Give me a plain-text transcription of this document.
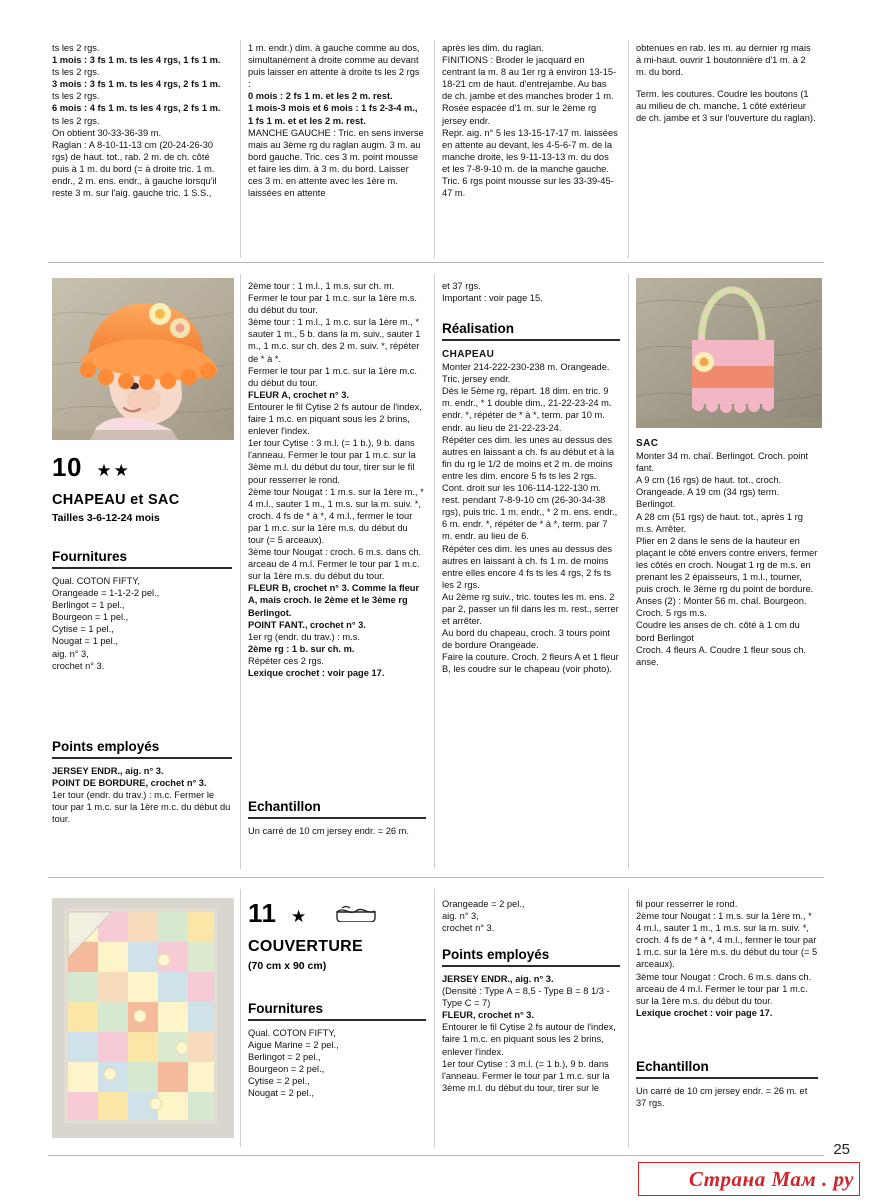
ts les 2 rgs.

1 mois : 3 fs 1 m. ts les 4 rgs, 1 fs 1 m.

ts les 2 rgs.

3 mois : 3 fs 1 m. ts les 4 rgs, 2 fs 1 m.

ts les 2 rgs.

6 mois : 4 fs 1 m. ts les 4 rgs, 2 fs 1 m.

ts les 2 rgs.

On obtient 30-33-36-39 m.

Raglan : A 8-10-11-13 cm (20-24-26-30 rgs) de haut. tot., rab. 2 m. de ch. côté puis à 1 m. du bord (= à droite tric. 1 m. endr., 2 m. ens. endr., à gauche lorsqu'il reste 3 m. sur l'aig. gauche tric. 1 S.S.,

1 m. endr.) dim. à gauche comme au dos, simultanément à droite comme au devant puis laisser en attente à droite ts les 2 rgs :

0 mois : 2 fs 1 m. et les 2 m. rest.

1 mois-3 mois et 6 mois : 1 fs 2-3-4 m., 1 fs 1 m. et et les 2 m. rest.

MANCHE GAUCHE : Tric. en sens inverse mais au 3ème rg du raglan augm. 3 m. au bord gauche. Tric. ces 3 m. point mousse et faire les dim. à 3 m. du bord. Laisser ces 3 m. en attente avec les 1ère m. laissées en attente

après les dim. du raglan.

FINITIONS : Broder le jacquard en centrant la m. 8 au 1er rg à environ 13-15-18-21 cm de haut. d'entrejambe. Au bas de ch. jambe et des manches broder 1 m. Rosée espacée d'1 m. sur le 2ème rg jersey endr.

Repr. aig. n° 5 les 13-15-17-17 m. laissées en attente au devant, les 4-5-6-7 m. de la manche droite, les 9-11-13-13 m. du dos et les 7-8-9-10 m. de la manche gauche. Tric. 6 rgs point mousse sur les 33-39-45-47 m.

obtenues en rab. les m. au dernier rg mais à mi-haut. ouvrir 1 boutonnière d'1 m. à 2 m. du bord.

Term. les coutures. Coudre les boutons (1 au milieu de ch. manche, 1 côté extérieur de ch. jambe et 3 sur l'ouverture du raglan).

10 ★★
CHAPEAU et SAC
Tailles 3-6-12-24 mois
Fournitures

Qual. COTON FIFTY,

Orangeade = 1-1-2-2 pel.,

Berlingot = 1 pel.,

Bourgeon = 1 pel.,

Cytise = 1 pel.,

Nougat = 1 pel.,

aig. n° 3,

crochet n° 3.

Points employés

JERSEY ENDR., aig. n° 3.

POINT DE BORDURE, crochet n° 3.

1er tour (endr. du trav.) : m.c. Fermer le tour par 1 m.c. sur la 1ère m.c. du début du tour.

2ème tour : 1 m.l., 1 m.s. sur ch. m. Fermer le tour par 1 m.c. sur la 1ère m.s. du début du tour.

3ème tour : 1 m.l., 1 m.c. sur la 1ère m., * sauter 1 m., 5 b. dans la m. suiv., sauter 1 m., 1 m.c. sur ch. des 2 m. suiv. *, répéter de * à *.

Fermer le tour par 1 m.c. sur la 1ère m.c. du début du tour.

FLEUR A, crochet n° 3.

Entourer le fil Cytise 2 fs autour de l'index, faire 1 m.c. en piquant sous les 2 brins, enlever l'index.

1er tour Cytise : 3 m.l. (= 1 b.), 9 b. dans l'anneau. Fermer le tour par 1 m.c. sur la 3ème m.l. du début du tour, tirer sur le fil pour resserrer le rond.

2ème tour Nougat : 1 m.s. sur la 1ère m., * 4 m.l., sauter 1 m., 1 m.s. sur la m. suiv. *, croch. 4 fs de * à *, 4 m.l., fermer le tour par 1 m.c. sur la 1ère m.s. du début du tour (= 5 arceaux).

3ème tour Nougat : croch. 6 m.s. dans ch. arceau de 4 m.l. Fermer le tour par 1 m.c. sur la 1ère m.s. du début du tour.

FLEUR B, crochet n° 3. Comme la fleur A, mais croch. le 2ème et le 3ème rg Berlingot.

POINT FANT., crochet n° 3.

1er rg (endr. du trav.) : m.s.

2ème rg : 1 b. sur ch. m.

Répéter ces 2 rgs.

Lexique crochet : voir page 17.

Echantillon

Un carré de 10 cm jersey endr. = 26 m.

et 37 rgs.

Important : voir page 15.

Réalisation

CHAPEAU

Monter 214-222-230-238 m. Orangeade. Tric. jersey endr.

Dès le 5ème rg, répart. 18 dim. en tric. 9 m. endr., * 1 double dim., 21-22-23-24 m. endr. *, répéter de * à *, term. par 10 m. endr. au lieu de 21-22-23-24.

Répéter ces dim. les unes au dessus des autres en laissant a ch. fs au début et à la fin du rg le 1/2 de moins et 2 m. de moins entre les dim. encore 5 fs ts les 2 rgs.

Cont. droit sur les 106-114-122-130 m. rest. pendant 7-8-9-10 cm (26-30-34-38 rgs), puis tric. 1 m. endr., * 2 m. ens. endr., 6 m. endr. *, répéter de * à *, term. par 7 m. endr. au lieu de 6.

Répéter ces dim. les unes au dessus des autres en laissant à ch. fs 1 m. de moins entre elles encore 4 fs ts les 4 rgs, 2 fs ts les 2 rgs.

Au 2ème rg suiv., tric. toutes les m. ens. 2 par 2, passer un fil dans les m. rest., serrer et arrêter.

Au bord du chapeau, croch. 3 tours point de bordure Orangeade.

Faire la couture. Croch. 2 fleurs A et 1 fleur B, les coudre sur le chapeau (voir photo).

SAC

Monter 34 m. chaî. Berlingot. Croch. point fant.

A 9 cm (16 rgs) de haut. tot., croch. Orangeade. A 19 cm (34 rgs) term. Berlingot.

A 28 cm (51 rgs) de haut. tot., après 1 rg m.s. Arrêter.

Plier en 2 dans le sens de la hauteur en plaçant le côté envers contre envers, fermer les côtés en croch. Nougat 1 rg de m.s. en prenant les 2 épaisseurs, 1 m.l., tourner, puis croch. le 3ème rg du point de bordure.

Anses (2) : Monter 56 m. chaî. Bourgeon. Croch. 5 rgs m.s.

Coudre les anses de ch. côté à 1 cm du bord Berlingot

Croch. 4 fleurs A. Coudre 1 fleur sous ch. anse.

11 ★
COUVERTURE
(70 cm x 90 cm)
Fournitures

Qual. COTON FIFTY,

Aigue Marine = 2 pel.,

Berlingot = 2 pel.,

Bourgeon = 2 pel.,

Cytise = 2 pel.,

Nougat = 2 pel.,

Orangeade = 2 pel.,

aig. n° 3,

crochet n° 3.

Points employés

JERSEY ENDR., aig. n° 3.

(Densité : Type A = 8,5 - Type B = 8 1/3 - Type C = 7)

FLEUR, crochet n° 3.

Entourer le fil Cytise 2 fs autour de l'index, faire 1 m.c. en piquant sous les 2 brins, enlever l'index.

1er tour Cytise : 3 m.l. (= 1 b.), 9 b. dans l'anneau. Fermer le tour par 1 m.c. sur la 3ème m.l. du début du tour, tirer sur le

fil pour resserrer le rond.

2ème tour Nougat : 1 m.s. sur la 1ère m., * 4 m.l., sauter 1 m., 1 m.s. sur la m. suiv. *, croch. 4 fs de * à *, 4 m.l., fermer le tour par 1 m.c. sur la 1ère m.s. du début du tour (= 5 arceaux).

3ème tour Nougat : Croch. 6 m.s. dans ch. arceau de 4 m.l. Fermer le tour par 1 m.c. sur la 1ère m.s. du début du tour.

Lexique crochet : voir page 17.

Echantillon

Un carré de 10 cm jersey endr. = 26 m. et 37 rgs.

25
Страна Мам . ру
